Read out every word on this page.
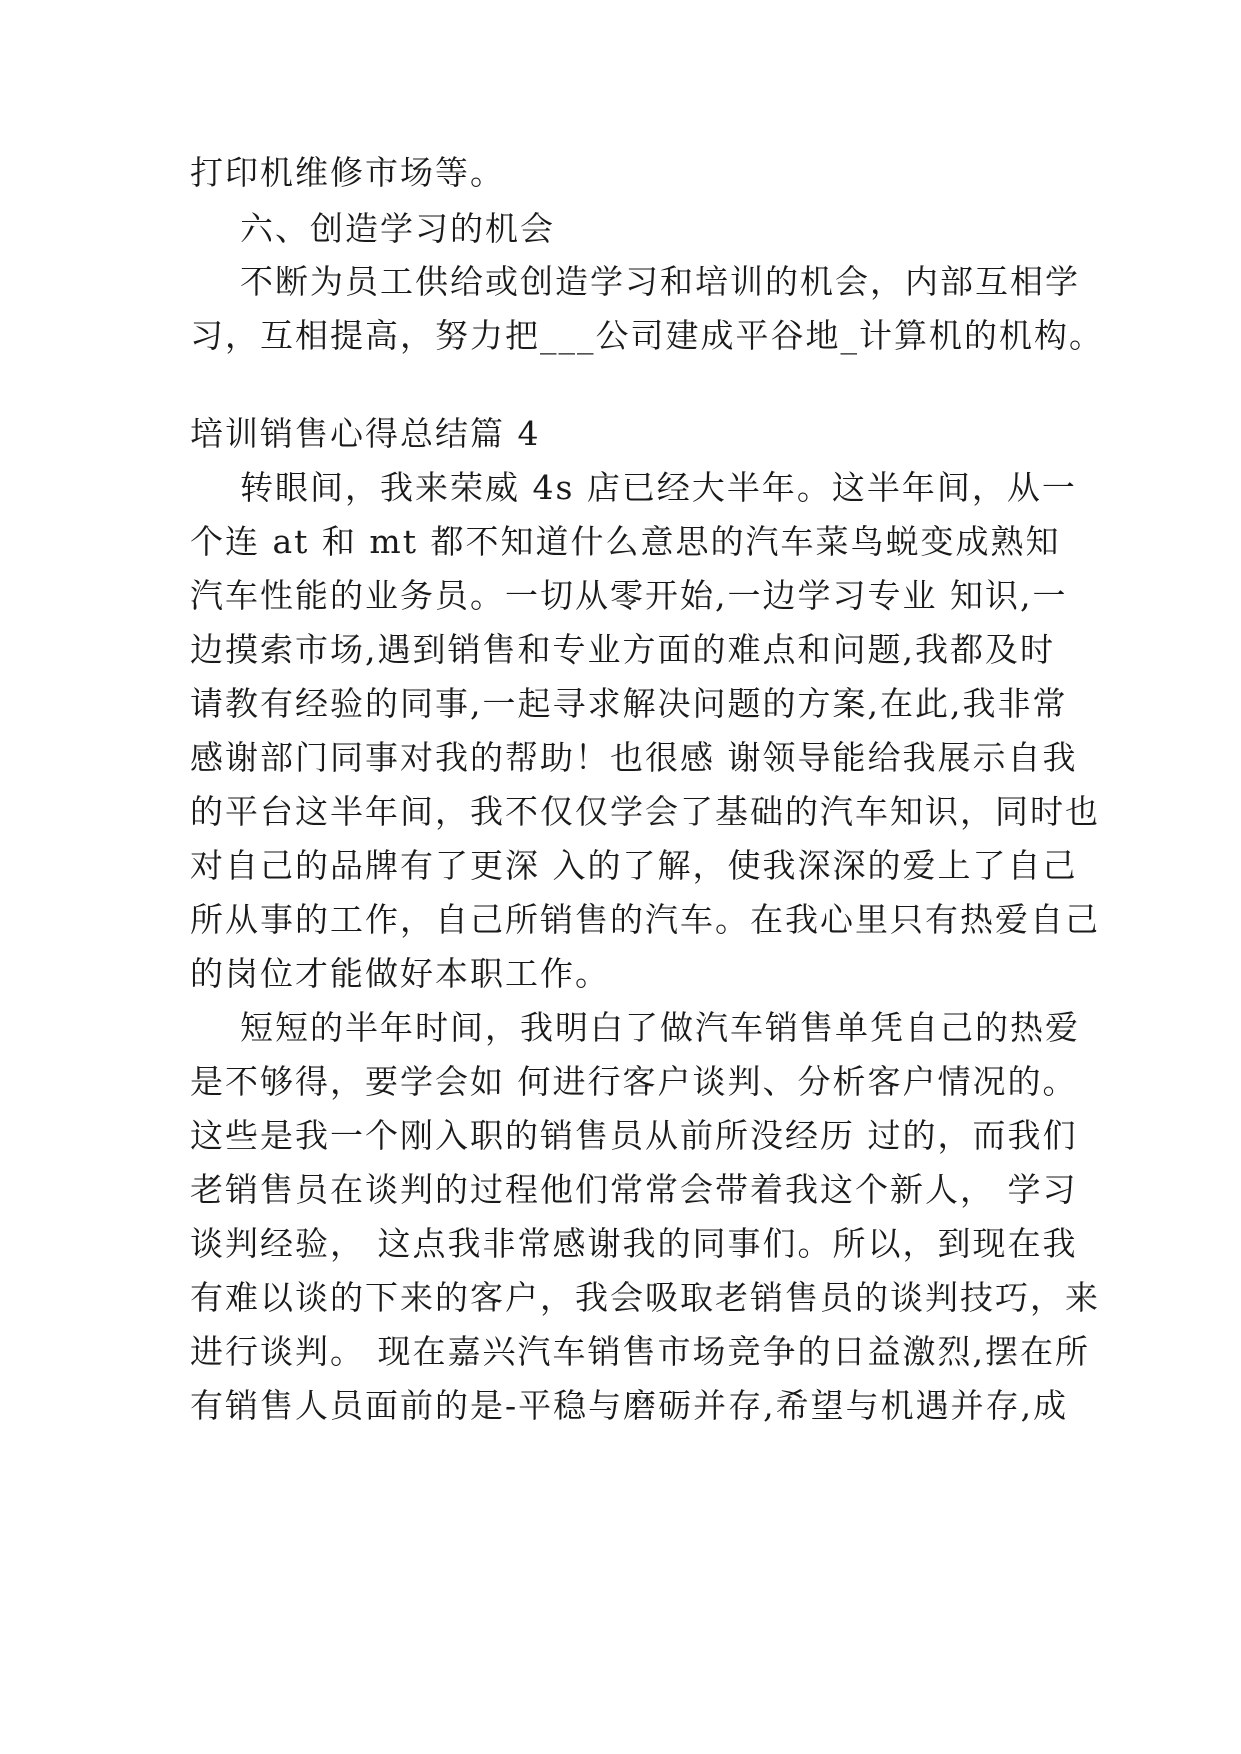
打印机维修市场等。
六、创造学习的机会
不断为员工供给或创造学习和培训的机会，内部互相学
习，互相提高，努力把___公司建成平谷地_计算机的机构。
培训销售心得总结篇 4
转眼间，我来荣威 4s 店已经大半年。这半年间，从一
个连 at 和 mt 都不知道什么意思的汽车菜鸟蜕变成熟知
汽车性能的业务员。一切从零开始,一边学习专业 知识,一
边摸索市场,遇到销售和专业方面的难点和问题,我都及时
请教有经验的同事,一起寻求解决问题的方案,在此,我非常
感谢部门同事对我的帮助！也很感 谢领导能给我展示自我
的平台这半年间，我不仅仅学会了基础的汽车知识，同时也
对自己的品牌有了更深 入的了解，使我深深的爱上了自己
所从事的工作，自己所销售的汽车。在我心里只有热爱自己
的岗位才能做好本职工作。
短短的半年时间，我明白了做汽车销售单凭自己的热爱
是不够得，要学会如 何进行客户谈判、分析客户情况的。
这些是我一个刚入职的销售员从前所没经历 过的，而我们
老销售员在谈判的过程他们常常会带着我这个新人， 学习
谈判经验， 这点我非常感谢我的同事们。所以，到现在我
有难以谈的下来的客户，我会吸取老销售员的谈判技巧，来
进行谈判。 现在嘉兴汽车销售市场竞争的日益激烈,摆在所
有销售人员面前的是-平稳与磨砺并存,希望与机遇并存,成
